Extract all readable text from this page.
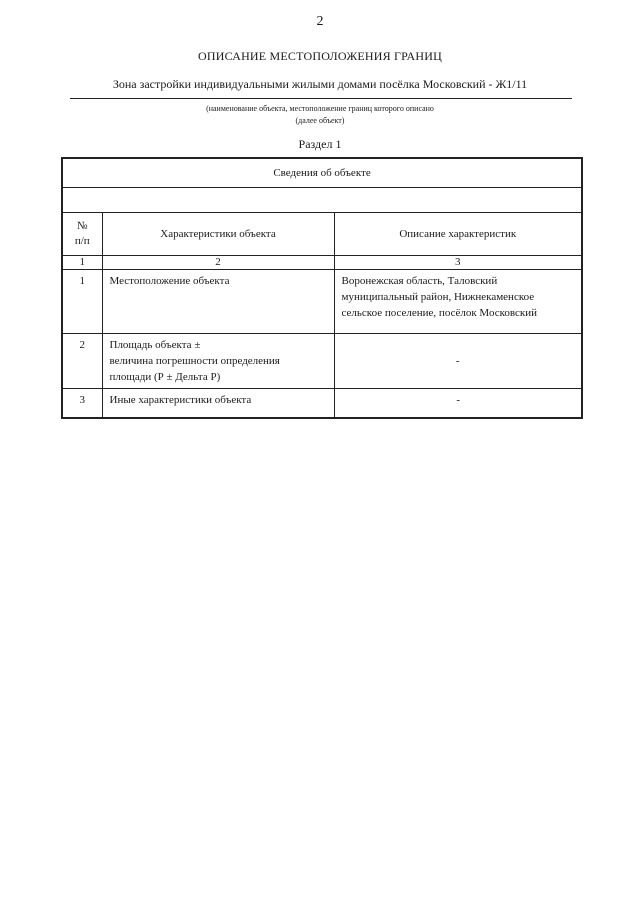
2
ОПИСАНИЕ МЕСТОПОЛОЖЕНИЯ ГРАНИЦ
Зона застройки индивидуальными жилыми домами посёлка Московский - Ж1/11
(наименование объекта, местоположение границ которого описано
(далее объект)
Раздел 1
Сведения об объекте		

№
п/п	Характеристики объекта	Описание характеристик
1	2	3
1	Местоположение объекта	Воронежская область, Таловский
муниципальный район, Нижнекаменское
сельское поселение, посёлок Московский

2	Площадь объекта ±
величина погрешности определения
площади (Р ± Дельта Р)	-
3	Иные характеристики объекта	-
